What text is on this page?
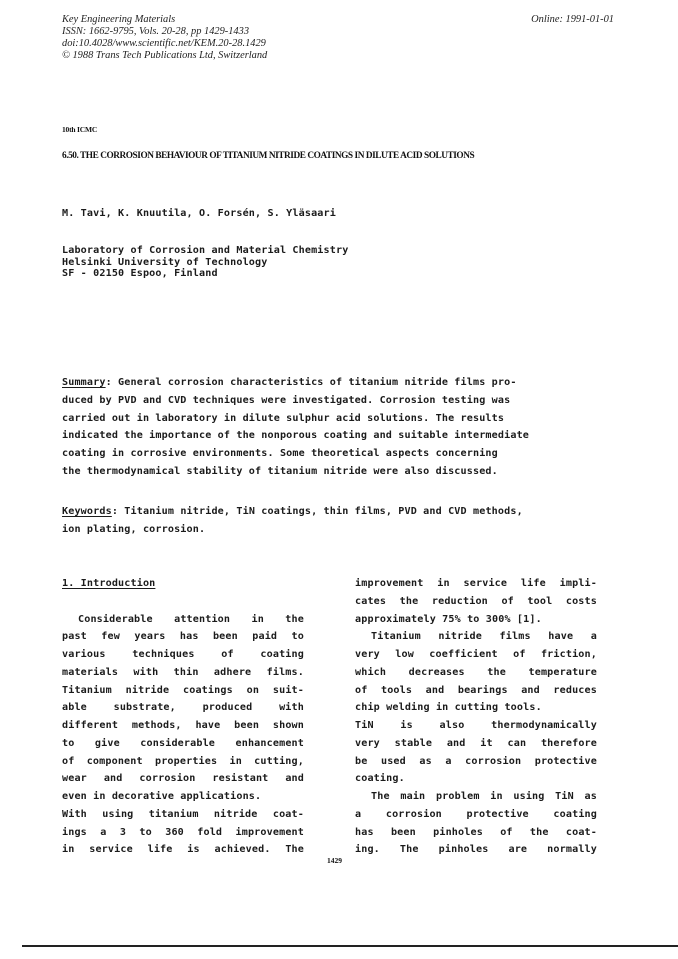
Key Engineering Materials
ISSN: 1662-9795, Vols. 20-28, pp 1429-1433
doi:10.4028/www.scientific.net/KEM.20-28.1429
© 1988 Trans Tech Publications Ltd, Switzerland
Online: 1991-01-01
10th ICMC
6.50. THE CORROSION BEHAVIOUR OF TITANIUM NITRIDE COATINGS IN DILUTE ACID SOLUTIONS
M. Tavi, K. Knuutila, O. Forsén, S. Yläsaari
Laboratory of Corrosion and Material Chemistry
Helsinki University of Technology
SF - 02150 Espoo, Finland
Summary: General corrosion characteristics of titanium nitride films pro-
duced by PVD and CVD techniques were investigated. Corrosion testing was
carried out in laboratory in dilute sulphur acid solutions. The results
indicated the importance of the nonporous coating and suitable intermediate
coating in corrosive environments. Some theoretical aspects concerning
the thermodynamical stability of titanium nitride were also discussed.
Keywords: Titanium nitride, TiN coatings, thin films, PVD and CVD methods,
ion plating, corrosion.
1. Introduction
Considerable attention in the
past few years has been paid to
various techniques of coating
materials with thin adhere films.
Titanium nitride coatings on suit-
able substrate, produced with
different methods, have been shown
to give considerable enhancement
of component properties in cutting,
wear and corrosion resistant and
even in decorative applications.
With using titanium nitride coat-
ings a 3 to 360 fold improvement
in service life is achieved. The
improvement in service life impli-
cates the reduction of tool costs
approximately 75% to 300% [1].
Titanium nitride films have a
very low coefficient of friction,
which decreases the temperature
of tools and bearings and reduces
chip welding in cutting tools.
TiN is also thermodynamically
very stable and it can therefore
be used as a corrosion protective
coating.
The main problem in using TiN as
a corrosion protective coating
has been pinholes of the coat-
ing. The pinholes are normally
1429
